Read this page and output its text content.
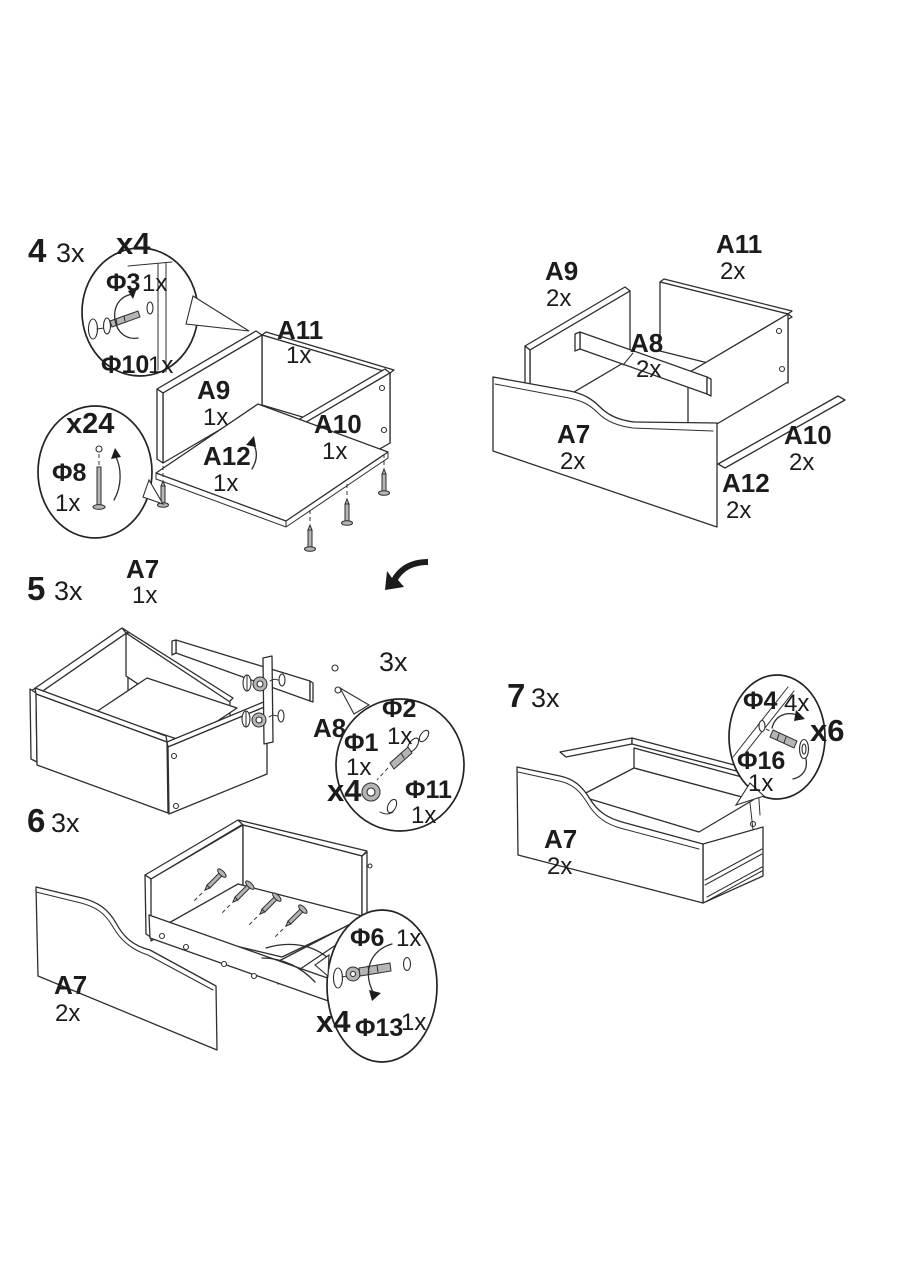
4 3x x4
Φ3 1x
Φ10
1x
x24
Φ8
1x
A11
1x
A9
1x	A10
1x
A12
1x
A9
2x
A11
2x
A8
2x
A7
2x
A10
2x
A12
2x
5 3x
A7
1x
A8
3x
Φ2
1x
Φ1
1x
x4 Φ11
1x
6 3x
A7
2x
Φ6 1x
x4 Φ13
1x
7 3x
A7
2x
Φ4 4x
x6
Φ16
1x
